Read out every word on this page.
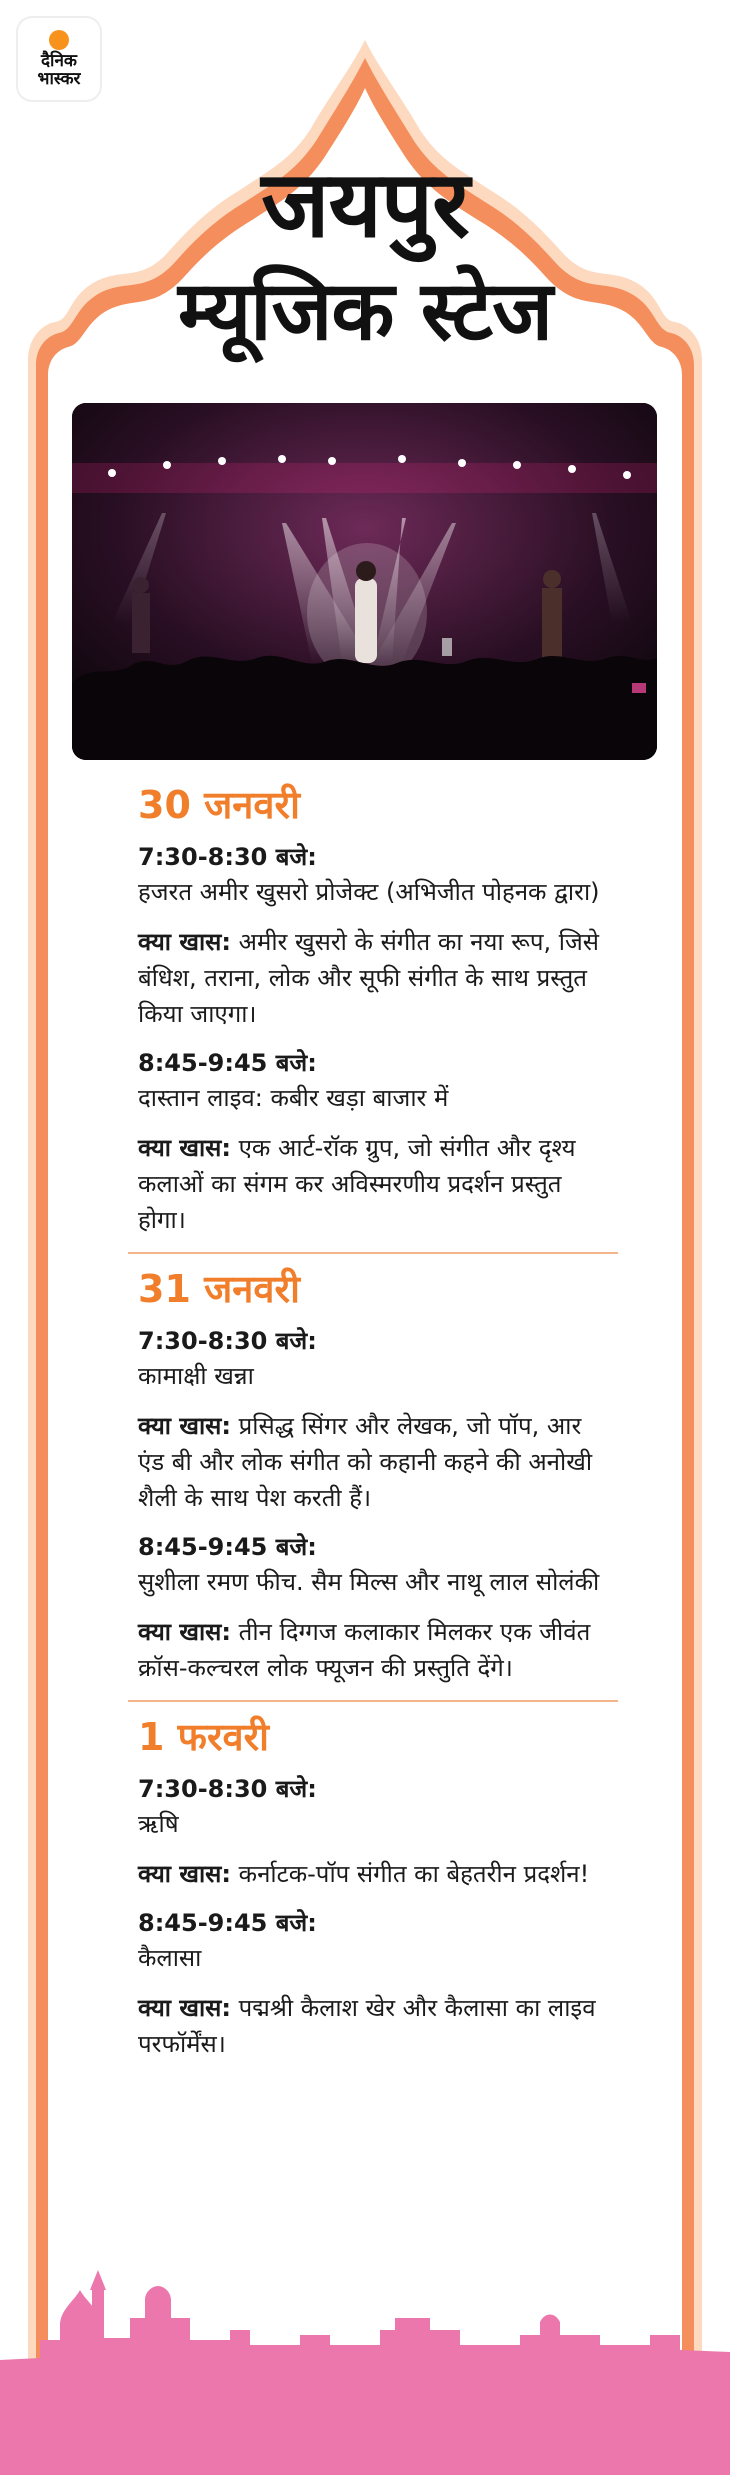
दैनिक
भास्कर
जयपुर
म्यूजिक स्टेज
30 जनवरी
7:30-8:30 बजे:
हजरत अमीर खुसरो प्रोजेक्ट (अभिजीत पोहनक द्वारा)
क्या खास: अमीर खुसरो के संगीत का नया रूप, जिसे बंधिश, तराना, लोक और सूफी संगीत के साथ प्रस्तुत किया जाएगा।
8:45-9:45 बजे:
दास्तान लाइव: कबीर खड़ा बाजार में
क्या खास: एक आर्ट-रॉक ग्रुप, जो संगीत और दृश्य कलाओं का संगम कर अविस्मरणीय प्रदर्शन प्रस्तुत होगा।
31 जनवरी
7:30-8:30 बजे:
कामाक्षी खन्ना
क्या खास: प्रसिद्ध सिंगर और लेखक, जो पॉप, आर एंड बी और लोक संगीत को कहानी कहने की अनोखी शैली के साथ पेश करती हैं।
8:45-9:45 बजे:
सुशीला रमण फीच. सैम मिल्स और नाथू लाल सोलंकी
क्या खास: तीन दिग्गज कलाकार मिलकर एक जीवंत क्रॉस-कल्चरल लोक फ्यूजन की प्रस्तुति देंगे।
1 फरवरी
7:30-8:30 बजे:
ऋषि
क्या खास: कर्नाटक-पॉप संगीत का बेहतरीन प्रदर्शन!
8:45-9:45 बजे:
कैलासा
क्या खास: पद्मश्री कैलाश खेर और कैलासा का लाइव परफॉर्मेंस।
